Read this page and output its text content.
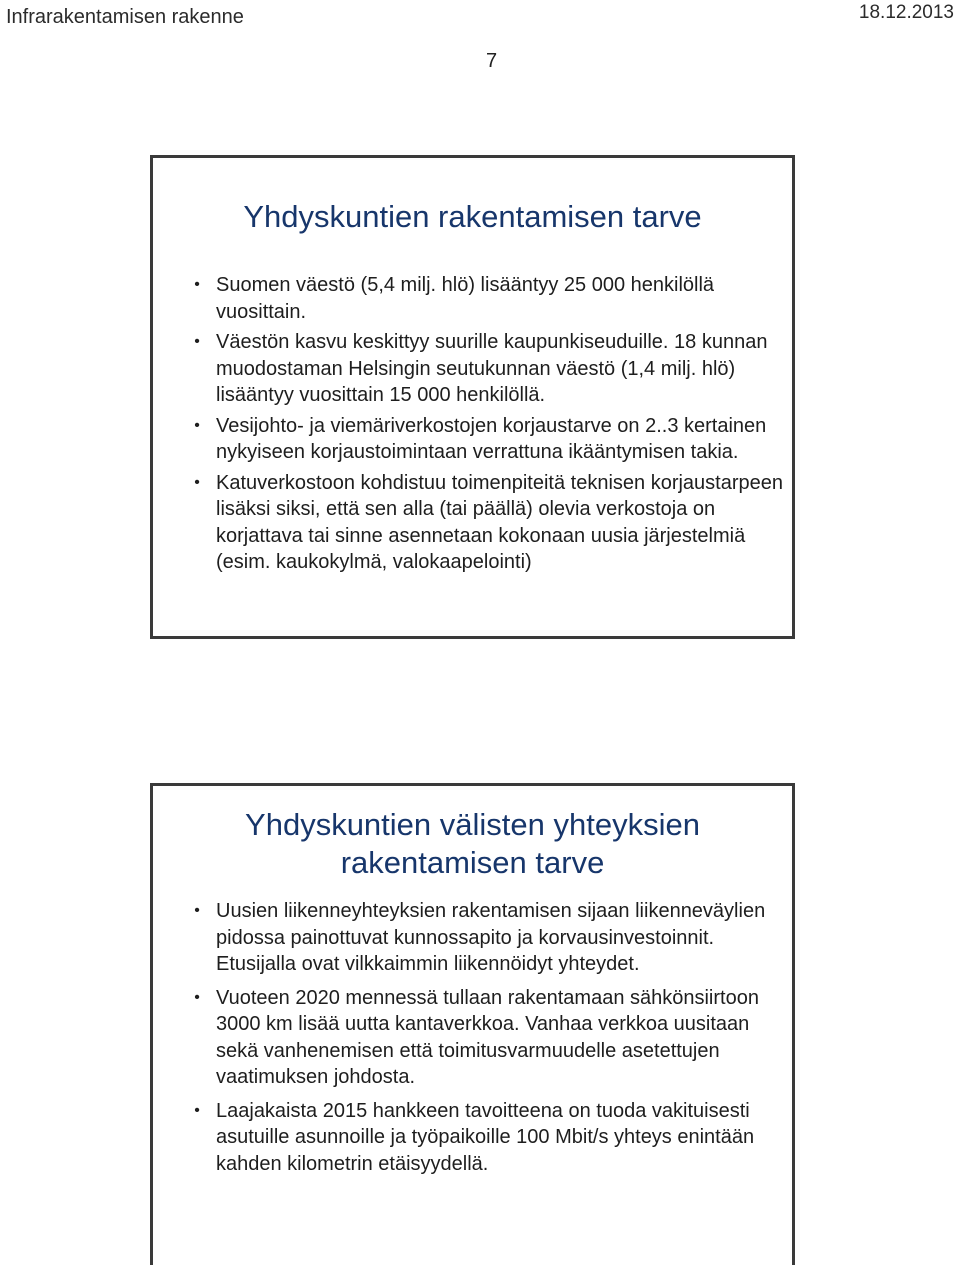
Infrarakentamisen rakenne	18.12.2013
7
Yhdyskuntien rakentamisen tarve
• Suomen väestö (5,4 milj. hlö) lisääntyy 25 000 henkilöllä vuosittain.
• Väestön kasvu keskittyy suurille kaupunkiseuduille. 18 kunnan muodostaman Helsingin seutukunnan väestö (1,4 milj. hlö) lisääntyy vuosittain 15 000 henkilöllä.
• Vesijohto- ja viemäriverkostojen korjaustarve on 2..3 kertainen nykyiseen korjaustoimintaan verrattuna ikääntymisen takia.
• Katuverkostoon kohdistuu toimenpiteitä teknisen korjaustarpeen lisäksi siksi, että sen alla (tai päällä) olevia verkostoja on korjattava tai sinne asennetaan kokonaan uusia järjestelmiä (esim. kaukokylmä, valokaapelointi)
Yhdyskuntien välisten yhteyksien
rakentamisen tarve
• Uusien liikenneyhteyksien rakentamisen sijaan liikenneväylien pidossa painottuvat kunnossapito ja korvausinvestoinnit. Etusijalla ovat vilkkaimmin liikennöidyt yhteydet.
• Vuoteen 2020 mennessä tullaan rakentamaan sähkönsiirtoon 3000 km lisää uutta kantaverkkoa. Vanhaa verkkoa uusitaan sekä vanhenemisen että toimitusvarmuudelle asetettujen vaatimuksen johdosta.
• Laajakaista 2015 hankkeen tavoitteena on tuoda vakituisesti asutuille asunnoille ja työpaikoille 100 Mbit/s yhteys enintään kahden kilometrin etäisyydellä.
